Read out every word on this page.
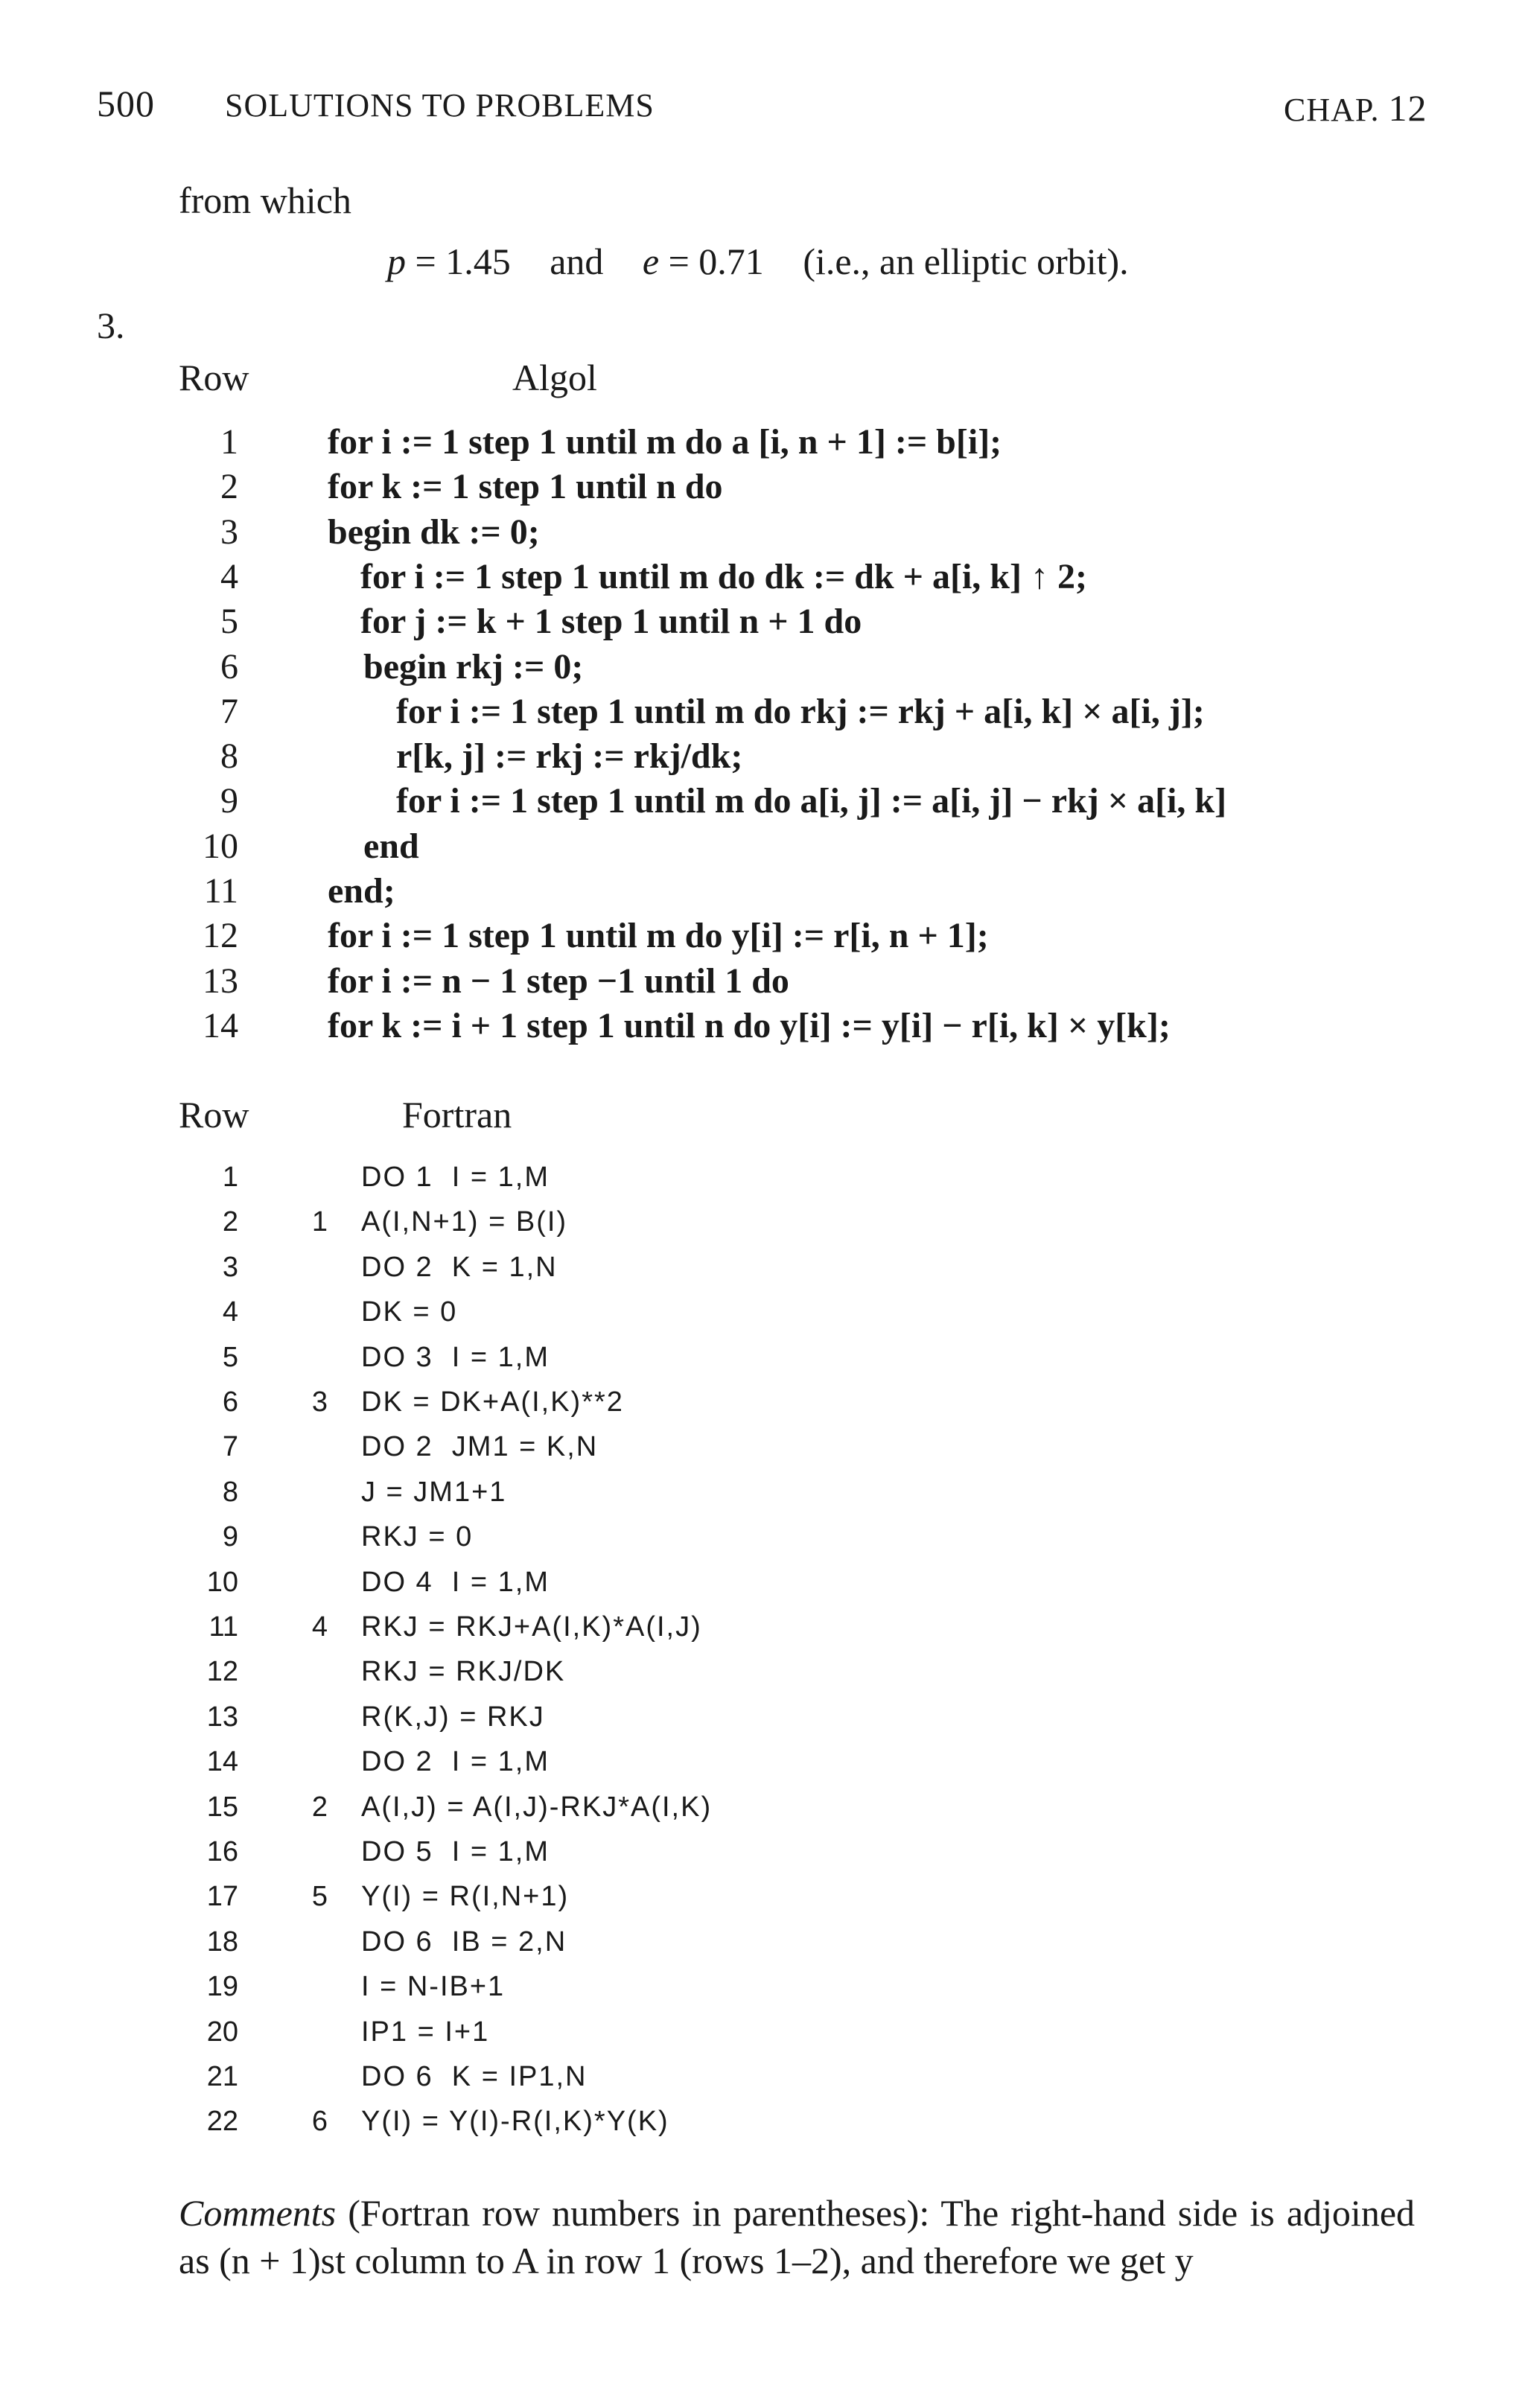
500 SOLUTIONS TO PROBLEMS	CHAP. 12
from which
p = 1.45 and e = 0.71 (i.e., an elliptic orbit).
3.
Row	Algol
1	for i := 1 step 1 until m do a [i, n + 1] := b[i];
2	for k := 1 step 1 until n do
3	begin dk := 0;
4	for i := 1 step 1 until m do dk := dk + a[i, k] ↑ 2;
5	for j := k + 1 step 1 until n + 1 do
6	begin rkj := 0;
7	for i := 1 step 1 until m do rkj := rkj + a[i, k] × a[i, j];
8	r[k, j] := rkj := rkj/dk;
9	for i := 1 step 1 until m do a[i, j] := a[i, j] − rkj × a[i, k]
10	end
11	end;
12	for i := 1 step 1 until m do y[i] := r[i, n + 1];
13	for i := n − 1 step −1 until 1 do
14	for k := i + 1 step 1 until n do y[i] := y[i] − r[i, k] × y[k];
Row	Fortran
1	DO 1  I = 1,M
2	1 A(I,N+1) = B(I)
3	DO 2  K = 1,N
4	DK = 0
5	DO 3  I = 1,M
6	3 DK = DK+A(I,K)**2
7	DO 2  JM1 = K,N
8	J = JM1+1
9	RKJ = 0
10	DO 4  I = 1,M
11	4 RKJ = RKJ+A(I,K)*A(I,J)
12	RKJ = RKJ/DK
13	R(K,J) = RKJ
14	DO 2  I = 1,M
15	2 A(I,J) = A(I,J)-RKJ*A(I,K)
16	DO 5  I = 1,M
17	5 Y(I) = R(I,N+1)
18	DO 6  IB = 2,N
19	I = N-IB+1
20	IP1 = I+1
21	DO 6  K = IP1,N
22	6 Y(I) = Y(I)-R(I,K)*Y(K)
Comments (Fortran row numbers in parentheses): The right-hand side is adjoined as (n + 1)st column to A in row 1 (rows 1–2), and therefore we get y
